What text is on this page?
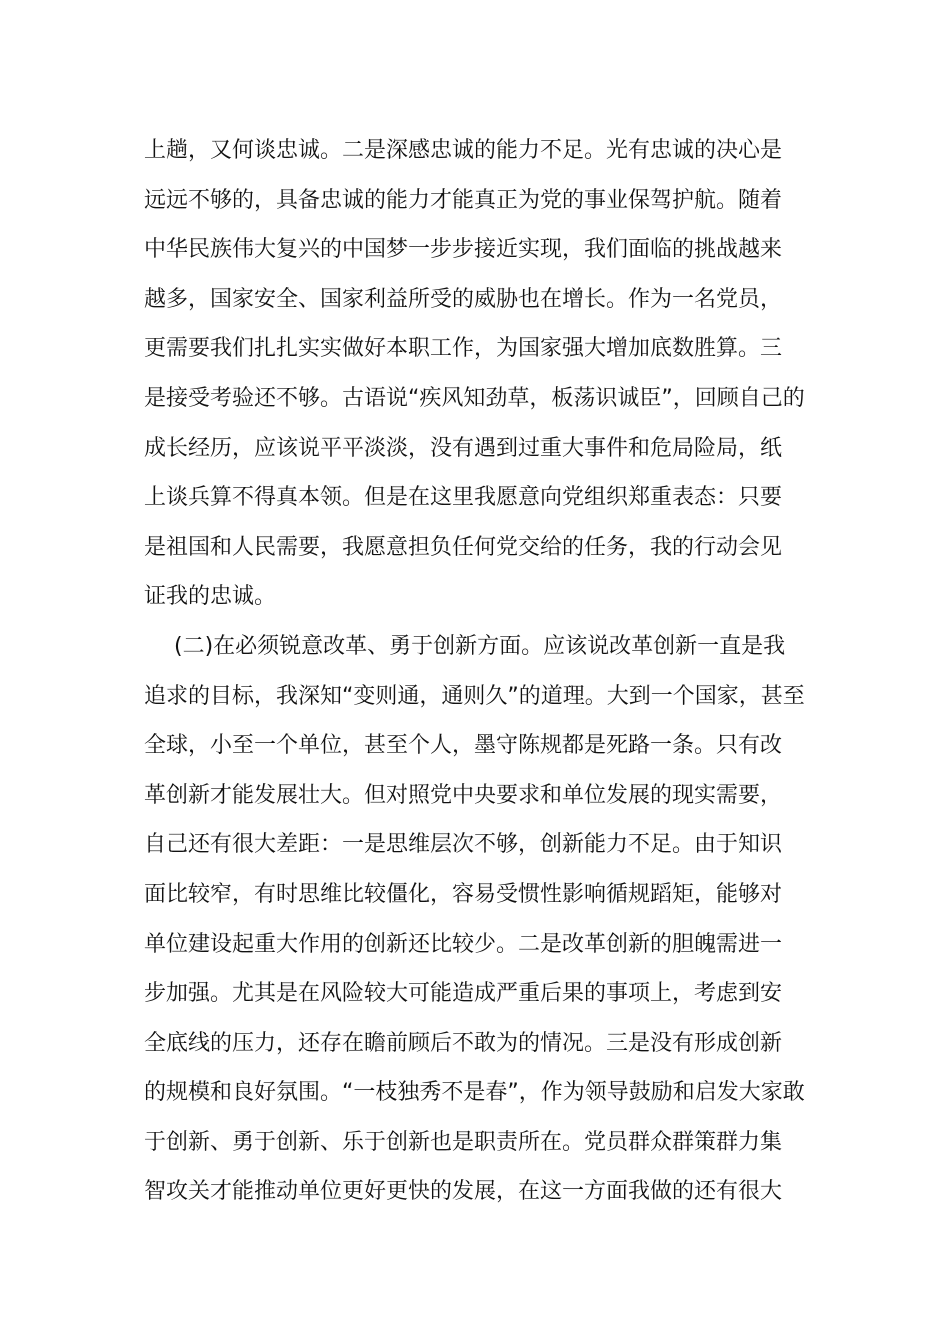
上趟，又何谈忠诚。二是深感忠诚的能力不足。光有忠诚的决心是
远远不够的，具备忠诚的能力才能真正为党的事业保驾护航。随着
中华民族伟大复兴的中国梦一步步接近实现，我们面临的挑战越来
越多，国家安全、国家利益所受的威胁也在增长。作为一名党员，
更需要我们扎扎实实做好本职工作，为国家强大增加底数胜算。三
是接受考验还不够。古语说“疾风知劲草，板荡识诚臣”，回顾自己的
成长经历，应该说平平淡淡，没有遇到过重大事件和危局险局，纸
上谈兵算不得真本领。但是在这里我愿意向党组织郑重表态：只要
是祖国和人民需要，我愿意担负任何党交给的任务，我的行动会见
证我的忠诚。
(二)在必须锐意改革、勇于创新方面。应该说改革创新一直是我
追求的目标，我深知“变则通，通则久”的道理。大到一个国家，甚至
全球，小至一个单位，甚至个人，墨守陈规都是死路一条。只有改
革创新才能发展壮大。但对照党中央要求和单位发展的现实需要，
自己还有很大差距：一是思维层次不够，创新能力不足。由于知识
面比较窄，有时思维比较僵化，容易受惯性影响循规蹈矩，能够对
单位建设起重大作用的创新还比较少。二是改革创新的胆魄需进一
步加强。尤其是在风险较大可能造成严重后果的事项上，考虑到安
全底线的压力，还存在瞻前顾后不敢为的情况。三是没有形成创新
的规模和良好氛围。“一枝独秀不是春”，作为领导鼓励和启发大家敢
于创新、勇于创新、乐于创新也是职责所在。党员群众群策群力集
智攻关才能推动单位更好更快的发展，在这一方面我做的还有很大
